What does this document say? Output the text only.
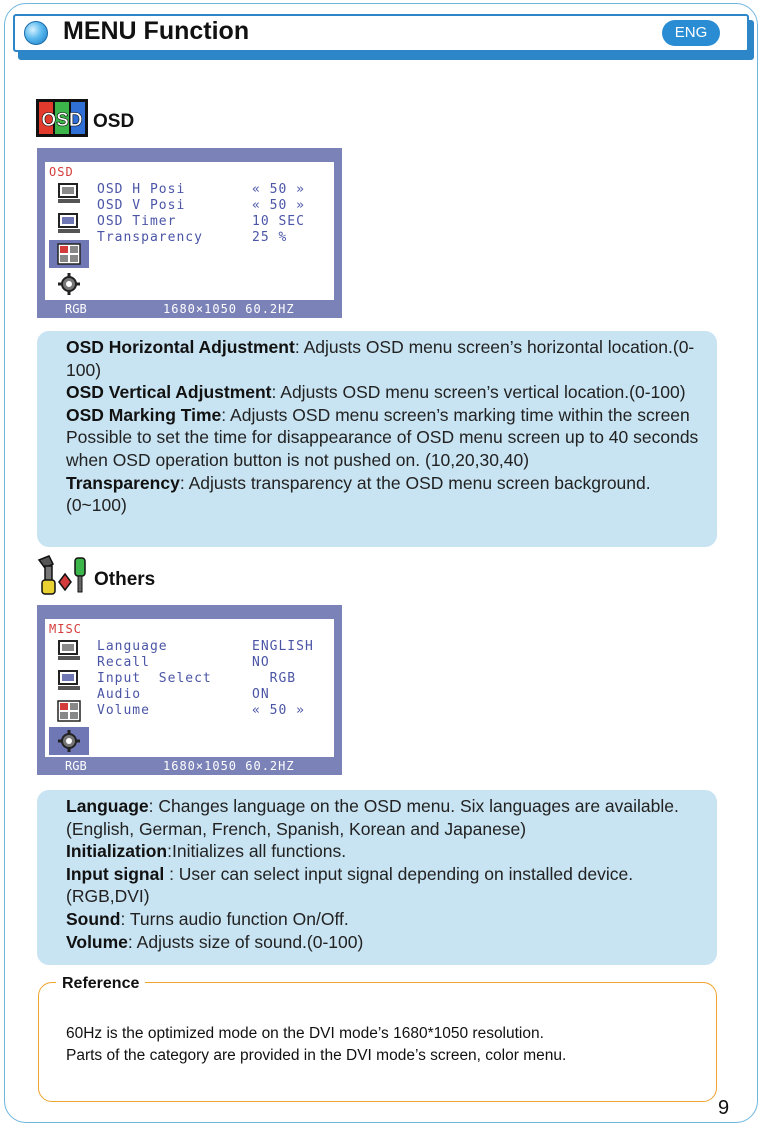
MENU Function	ENG
OSD OSD
OSD
OSD H Posi	« 50 »
OSD V Posi	« 50 »
OSD Timer	10 SEC
Transparency	25 %
RGB	1680×1050 60.2HZ

OSD Horizontal Adjustment: Adjusts OSD menu screen’s horizontal location.(0-100)

OSD Vertical Adjustment: Adjusts OSD menu screen’s vertical location.(0-100)

OSD Marking Time: Adjusts OSD menu screen’s marking time within the screen Possible to set the time for disappearance of OSD menu screen up to 40 seconds when OSD operation button is not pushed on. (10,20,30,40)

Transparency: Adjusts transparency at the OSD menu screen background.(0~100)

Others
MISC
Language	ENGLISH
Recall	NO
Input  Select	RGB
Audio	ON
Volume	« 50 »
RGB	1680×1050 60.2HZ

Language: Changes language on the OSD menu. Six languages are available. (English, German, French, Spanish, Korean and Japanese)

Initialization:Initializes all functions.

Input signal : User can select input signal depending on installed device.(RGB,DVI)

Sound: Turns audio function On/Off.

Volume: Adjusts size of sound.(0-100)

Reference
60Hz is the optimized mode on the DVI mode’s 1680*1050 resolution.
Parts of the category are provided in the DVI mode’s screen, color menu.
9
